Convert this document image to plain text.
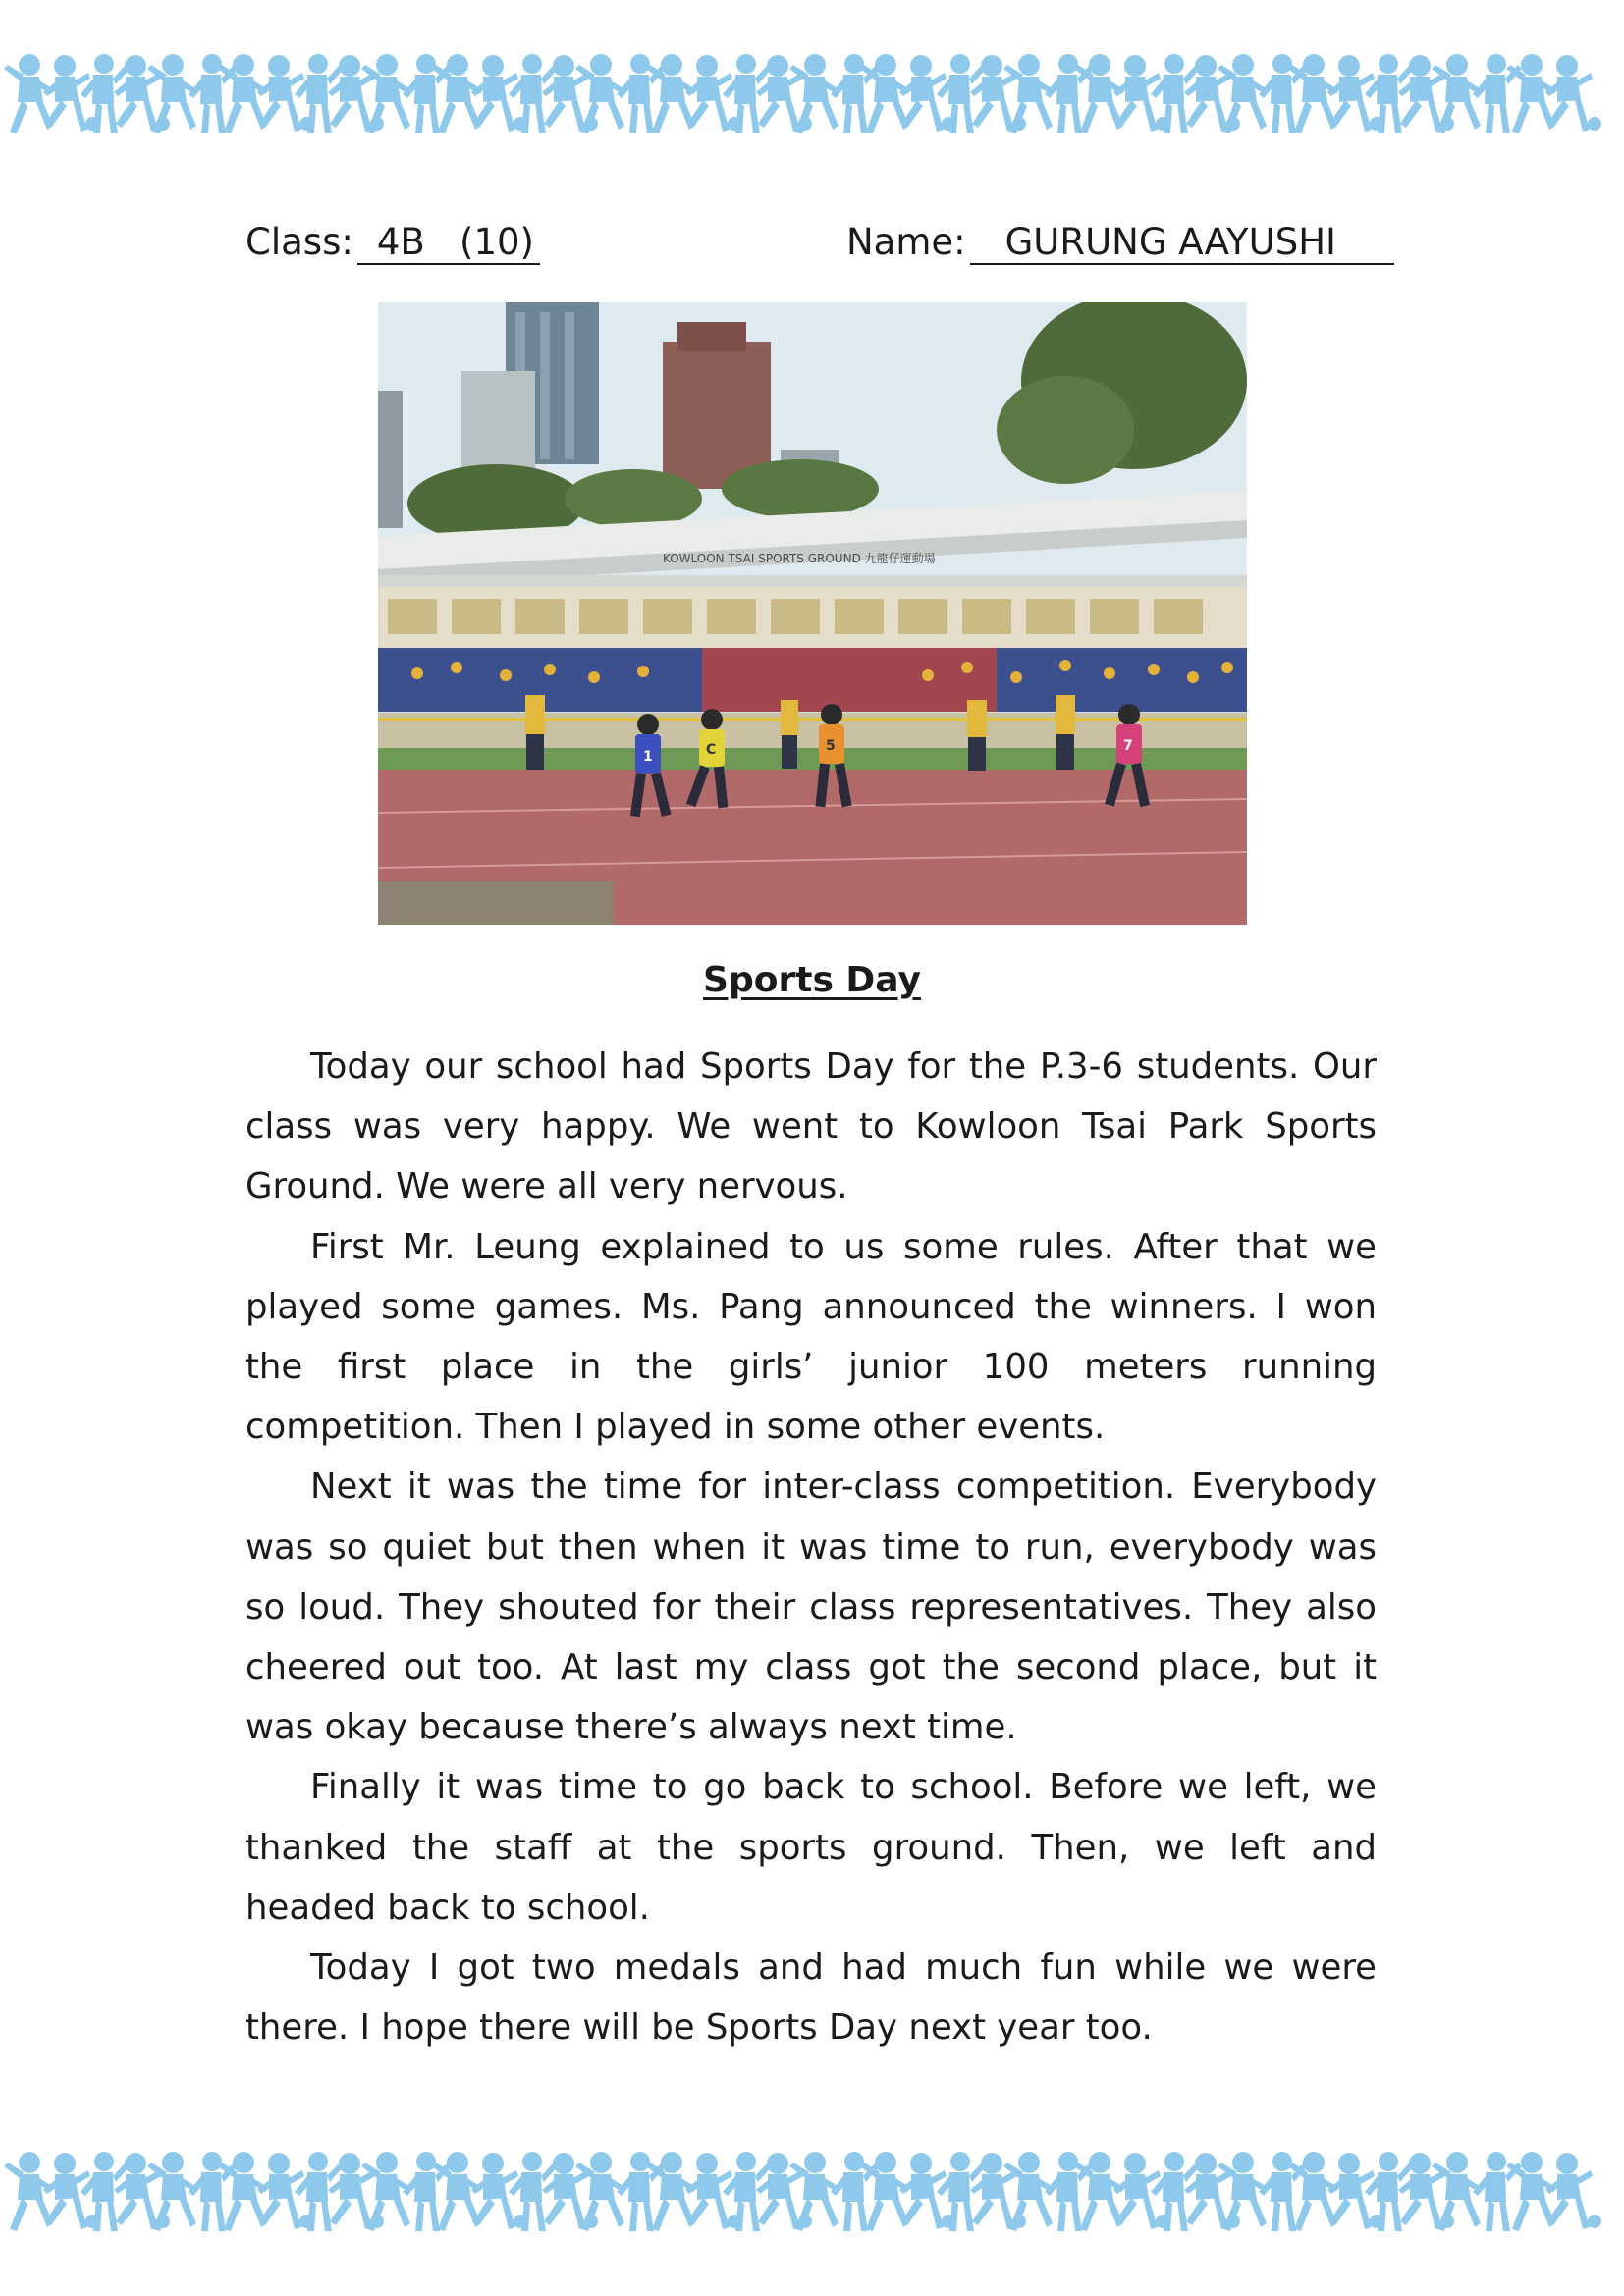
Class: 4B   (10)	Name: GURUNG AAYUSHI
KOWLOON TSAI SPORTS GROUND 九龍仔運動場
1	C	5	7
Sports Day

Today our school had Sports Day for the P.3-6 students. Our class was very happy. We went to Kowloon Tsai Park Sports Ground. We were all very nervous.

First Mr. Leung explained to us some rules. After that we played some games. Ms. Pang announced the winners. I won the first place in the girls’ junior 100 meters running competition. Then I played in some other events.

Next it was the time for inter-class competition. Everybody was so quiet but then when it was time to run, everybody was so loud. They shouted for their class representatives. They also cheered out too. At last my class got the second place, but it was okay because there’s always next time.

Finally it was time to go back to school. Before we left, we thanked the staff at the sports ground. Then, we left and headed back to school.

Today I got two medals and had much fun while we were there. I hope there will be Sports Day next year too.
